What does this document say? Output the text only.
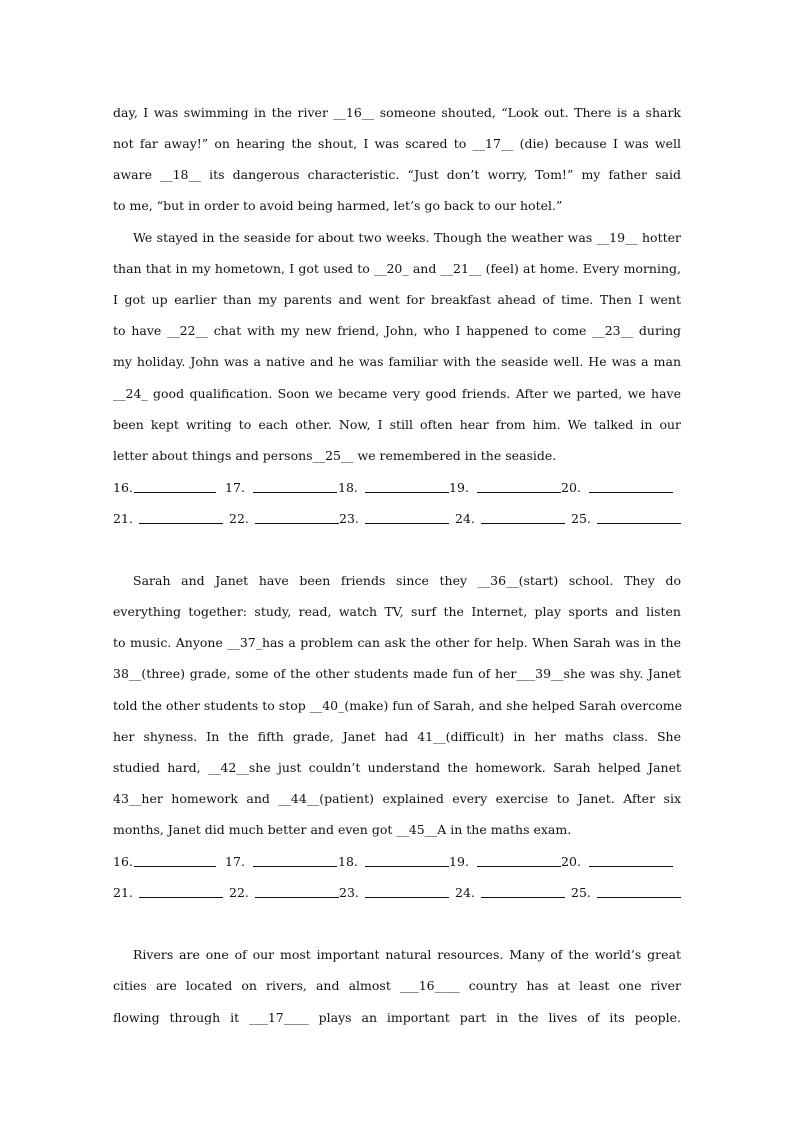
day, I was swimming in the river __16__ someone shouted, “Look out. There is a shark
not far away!” on hearing the shout, I was scared to __17__ (die) because I was well
aware __18__ its dangerous characteristic. “Just don’t worry, Tom!” my father said
to me, “but in order to avoid being harmed, let’s go back to our hotel.”
We stayed in the seaside for about two weeks. Though the weather was __19__ hotter
than that in my hometown, I got used to __20_ and __21__ (feel) at home. Every morning,
I got up earlier than my parents and went for breakfast ahead of time. Then I went
to have __22__ chat with my new friend, John, who I happened to come __23__ during
my holiday. John was a native and he was familiar with the seaside well. He was a man
__24_ good qualification. Soon we became very good friends. After we parted, we have
been kept writing to each other. Now, I still often hear from him. We talked in our
letter about things and persons__25__ we remembered in the seaside.
16.	17.	18.	19.	20.
21.	22.	23.	24.	25.
Sarah and Janet have been friends since they __36__(start) school. They do
everything together: study, read, watch TV, surf the Internet, play sports and listen
to music. Anyone __37_has a problem can ask the other for help. When Sarah was in the
38__(three) grade, some of the other students made fun of her___39__she was shy. Janet
told the other students to stop __40_(make) fun of Sarah, and she helped Sarah overcome
her shyness. In the fifth grade, Janet had 41__(difficult) in her maths class. She
studied hard, __42__she just couldn’t understand the homework. Sarah helped Janet
43__her homework and __44__(patient) explained every exercise to Janet. After six
months, Janet did much better and even got __45__A in the maths exam.
16.	17.	18.	19.	20.
21.	22.	23.	24.	25.
Rivers are one of our most important natural resources. Many of the world’s great
cities are located on rivers, and almost ___16____ country has at least one river
flowing through it ___17____ plays an important part in the lives of its people.
